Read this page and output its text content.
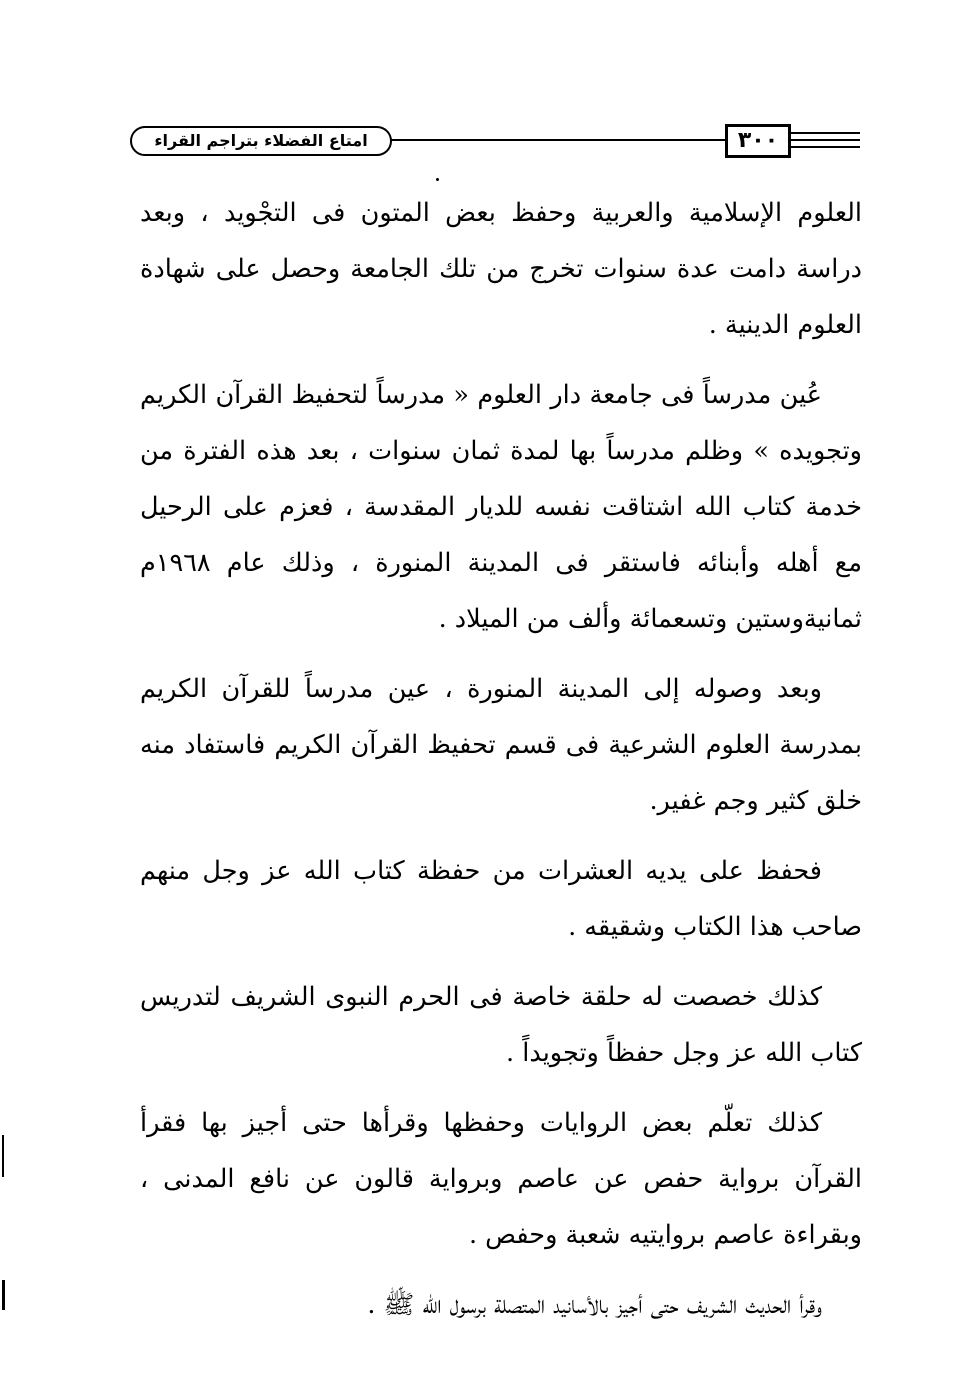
٣٠٠
امتاع الفضلاء بتراجم القراء

العلوم الإسلامية والعربية وحفظ بعض المتون فى التجْويد ، وبعد دراسة دامت عدة سنوات تخرج من تلك الجامعة وحصل على شهادة العلوم الدينية .

عُين مدرساً فى جامعة دار العلوم « مدرساً لتحفيظ القرآن الكريم وتجويده » وظلم مدرساً بها لمدة ثمان سنوات ، بعد هذه الفترة من خدمة كتاب الله اشتاقت نفسه للديار المقدسة ، فعزم على الرحيل مع أهله وأبنائه فاستقر فى المدينة المنورة ، وذلك عام ١٩٦٨م ثمانيةوستين وتسعمائة وألف من الميلاد .

وبعد وصوله إلى المدينة المنورة ، عين مدرساً للقرآن الكريم بمدرسة العلوم الشرعية فى قسم تحفيظ القرآن الكريم فاستفاد منه خلق كثير وجم غفير.

فحفظ على يديه العشرات من حفظة كتاب الله عز وجل منهم صاحب هذا الكتاب وشقيقه .

كذلك خصصت له حلقة خاصة فى الحرم النبوى الشريف لتدريس كتاب الله عز وجل حفظاً وتجويداً .

كذلك تعلّم بعض الروايات وحفظها وقرأها حتى أجيز بها فقرأ القرآن برواية حفص عن عاصم وبرواية قالون عن نافع المدنى ، وبقراءة عاصم بروايتيه شعبة وحفص .

وقرأ الحديث الشريف حتى أجيز بالأسانيد المتصلة برسول الله ﷺ .
